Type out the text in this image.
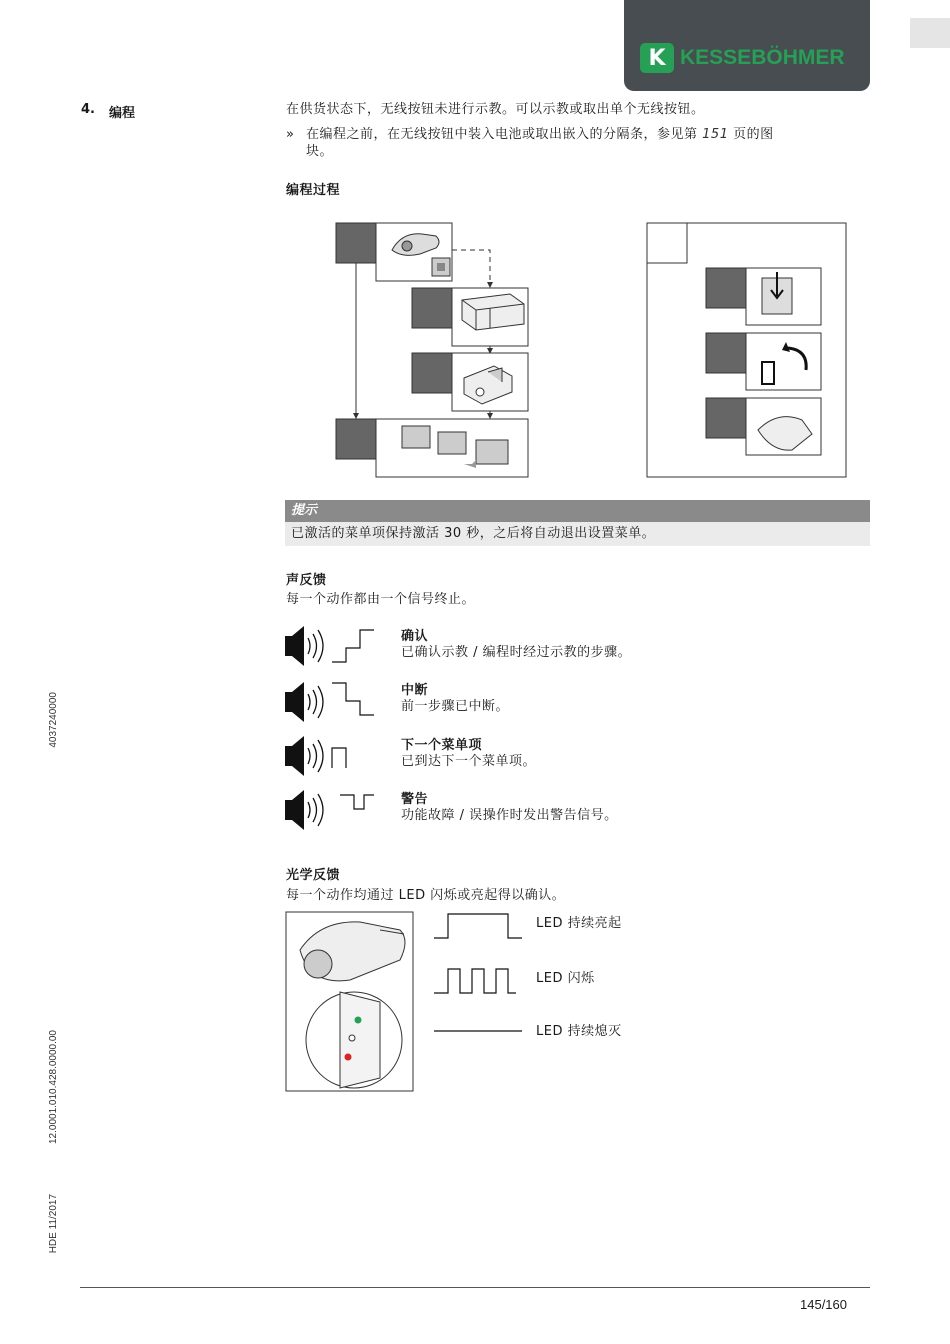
K KESSEBÖHMER
4037240000
12.0001.010.428.0000.00
HDE 11/2017
4. 编程	在供货状态下，无线按钮未进行示教。可以示教或取出单个无线按钮。
» 在编程之前，在无线按钮中装入电池或取出嵌入的分隔条，参见第 151 页的图
块。
编程过程
提示
已激活的菜单项保持激活 30 秒，之后将自动退出设置菜单。
声反馈
每一个动作都由一个信号终止。
确认
已确认示教 / 编程时经过示教的步骤。
中断
前一步骤已中断。
下一个菜单项
已到达下一个菜单项。
警告
功能故障 / 误操作时发出警告信号。
光学反馈
每一个动作均通过 LED 闪烁或亮起得以确认。
LED 持续亮起
LED 闪烁
LED 持续熄灭
145/160
